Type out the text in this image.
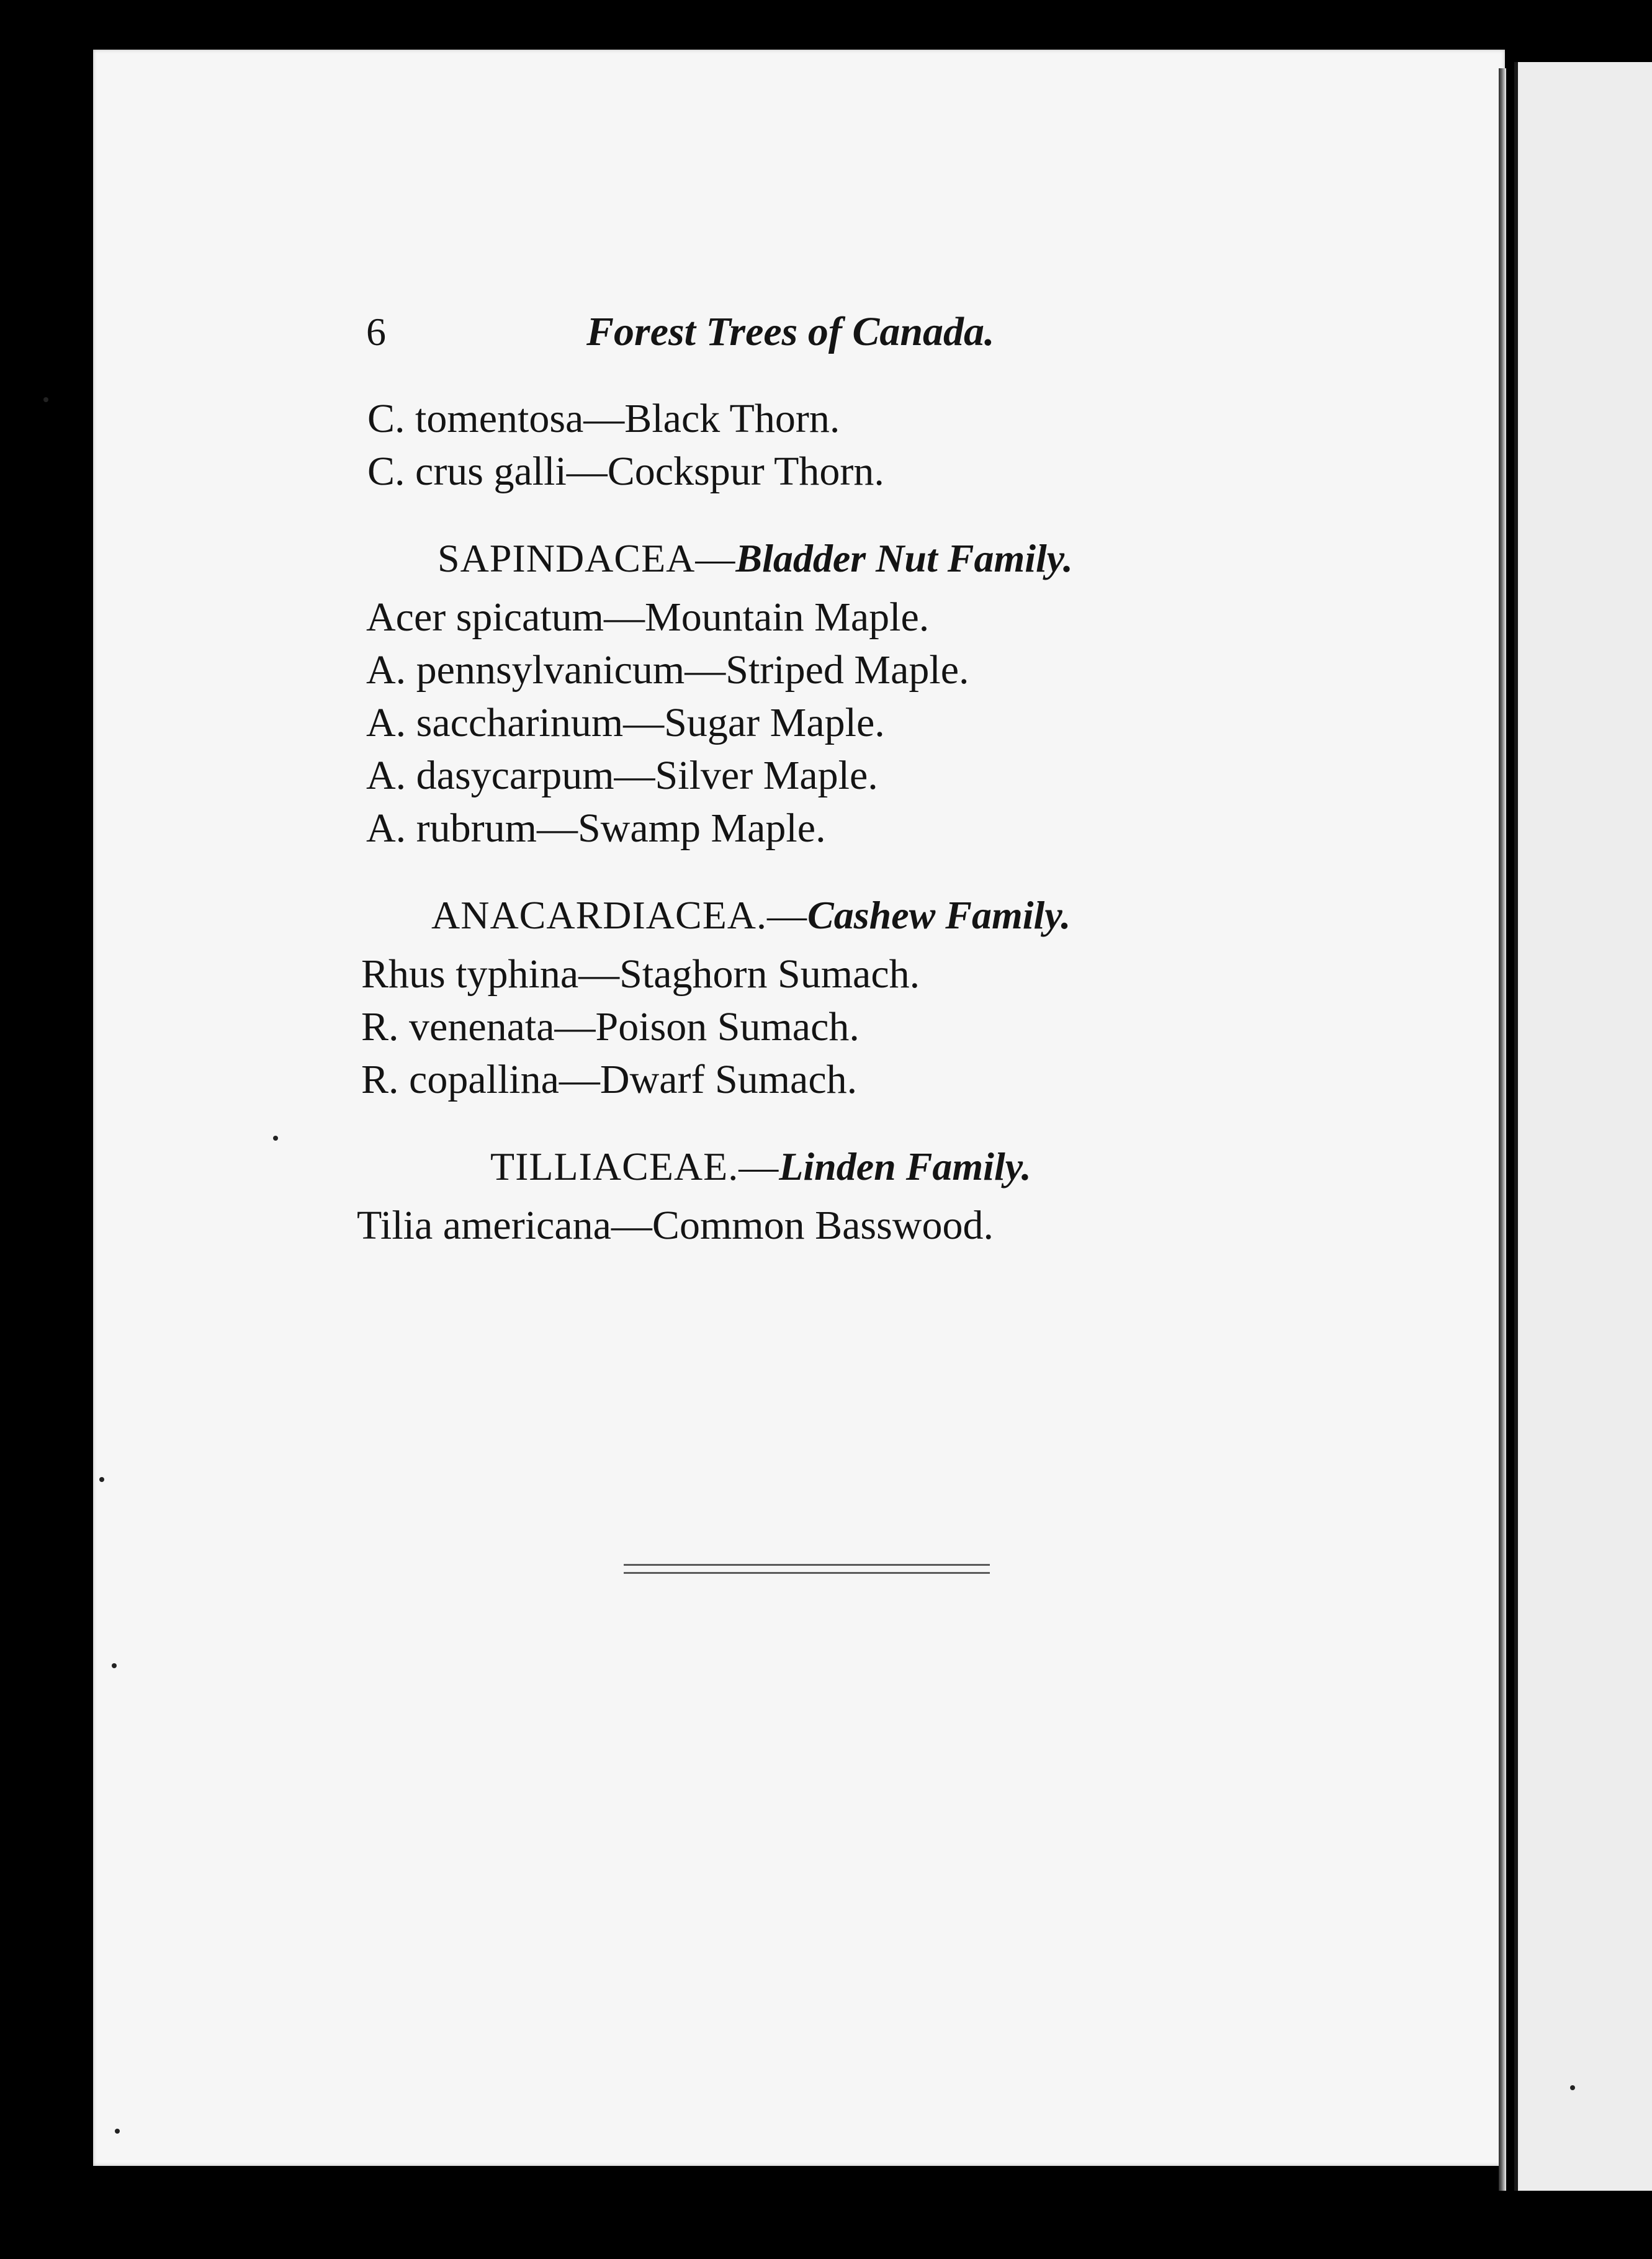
6	Forest Trees of Canada.
C. tomentosa—Black Thorn.
C. crus galli—Cockspur Thorn.
SAPINDACEA—Bladder Nut Family.
Acer spicatum—Mountain Maple.
A. pennsylvanicum—Striped Maple.
A. saccharinum—Sugar Maple.
A. dasycarpum—Silver Maple.
A. rubrum—Swamp Maple.
ANACARDIACEA.—Cashew Family.
Rhus typhina—Staghorn Sumach.
R. venenata—Poison Sumach.
R. copallina—Dwarf Sumach.
TILLIACEAE.—Linden Family.
Tilia americana—Common Basswood.
